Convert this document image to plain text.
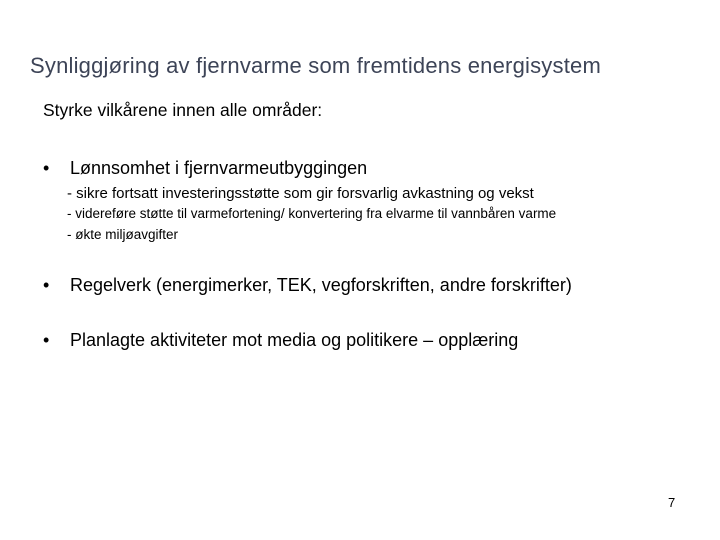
Synliggjøring av fjernvarme som fremtidens energisystem
Styrke vilkårene innen alle områder:
• Lønnsomhet i fjernvarmeutbyggingen
- sikre fortsatt investeringsstøtte som gir forsvarlig avkastning og vekst
- videreføre støtte til varmefortening/ konvertering fra elvarme til vannbåren varme
- økte miljøavgifter
• Regelverk (energimerker, TEK, vegforskriften, andre forskrifter)
• Planlagte aktiviteter mot media og politikere – opplæring
7
